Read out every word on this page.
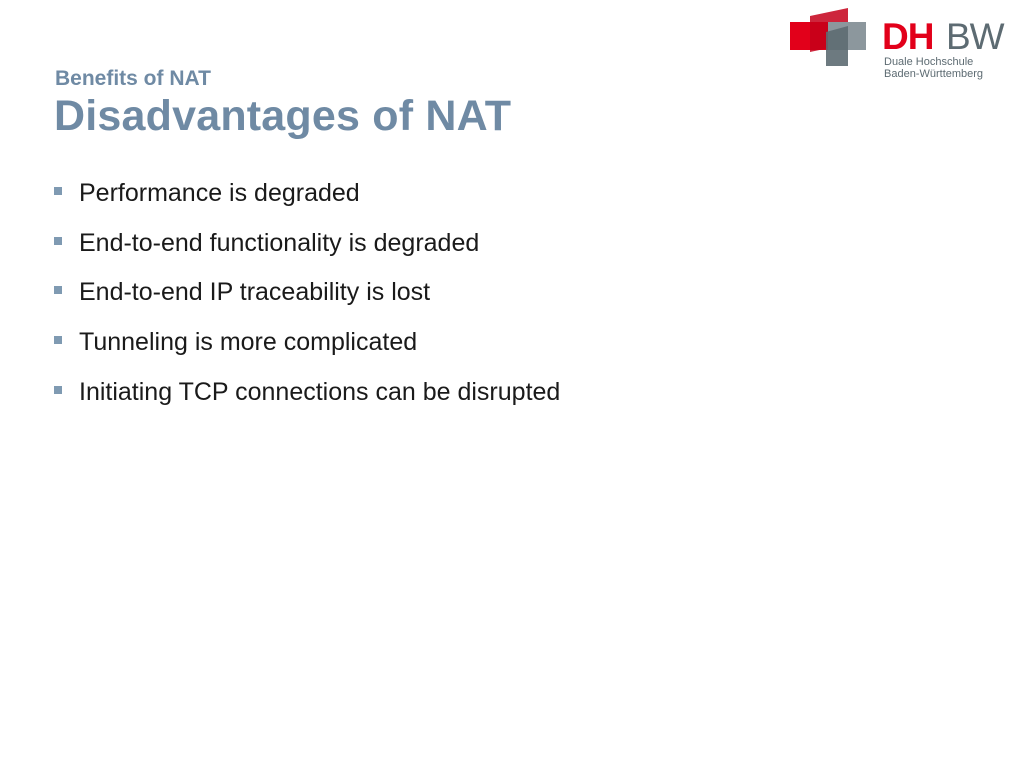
DH BW
Duale Hochschule
Baden-Württemberg
Benefits of NAT
Disadvantages of NAT
Performance is degraded
End-to-end functionality is degraded
End-to-end IP traceability is lost
Tunneling is more complicated
Initiating TCP connections can be disrupted
